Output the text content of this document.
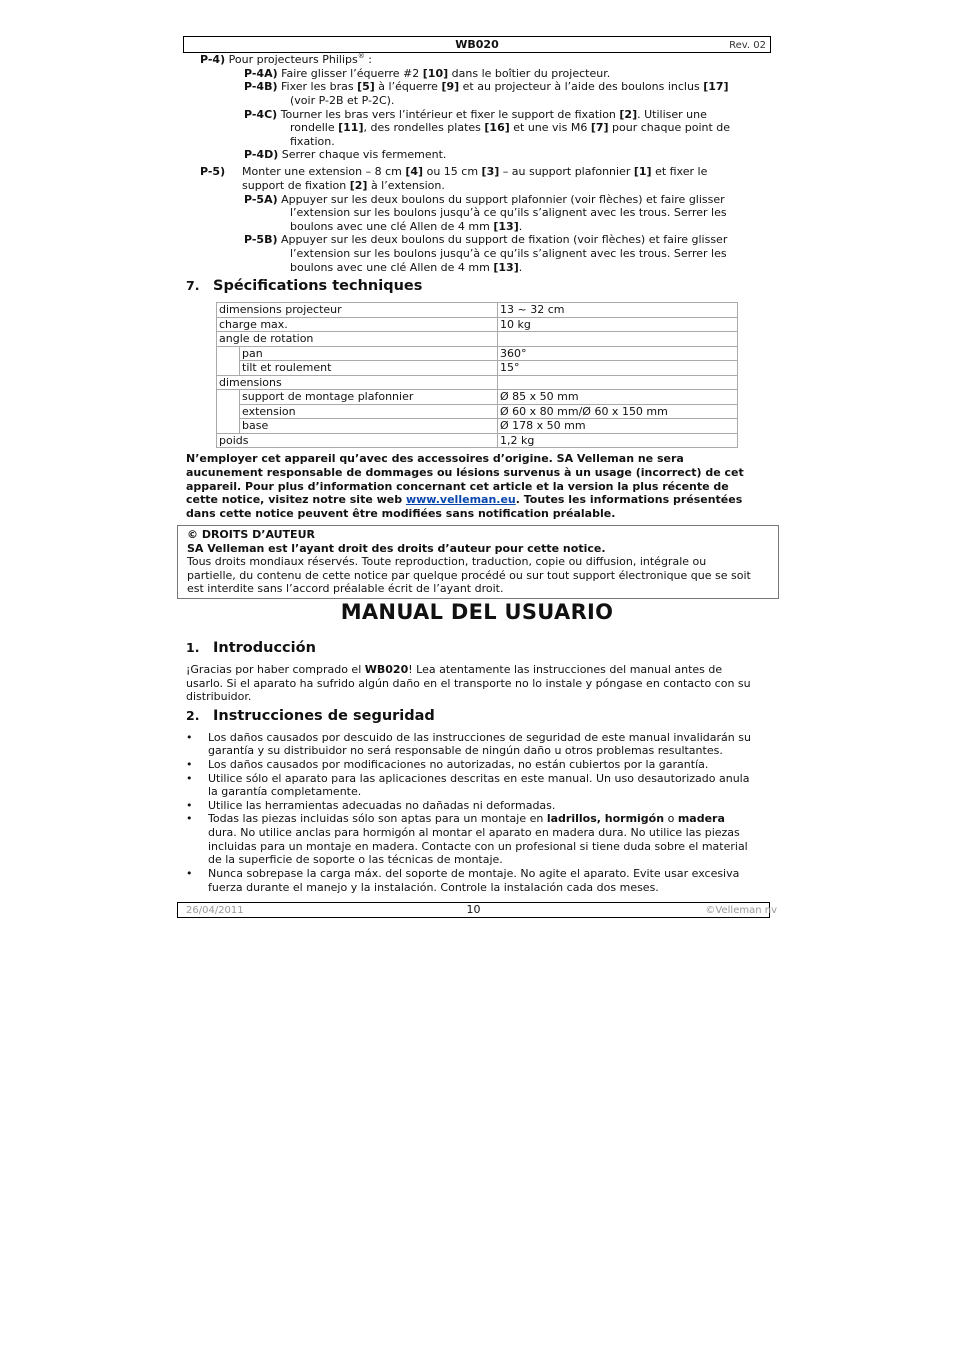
WB020	Rev. 02
P-4) Pour projecteurs Philips® :
P-4A) Faire glisser l’équerre #2 [10] dans le boîtier du projecteur.
P-4B) Fixer les bras [5] à l’équerre [9] et au projecteur à l’aide des boulons inclus [17]
(voir P-2B et P-2C).
P-4C) Tourner les bras vers l’intérieur et fixer le support de fixation [2]. Utiliser une
rondelle [11], des rondelles plates [16] et une vis M6 [7] pour chaque point de
fixation.
P-4D) Serrer chaque vis fermement.
P-5) Monter une extension – 8 cm [4] ou 15 cm [3] – au support plafonnier [1] et fixer le
support de fixation [2] à l’extension.
P-5A) Appuyer sur les deux boulons du support plafonnier (voir flèches) et faire glisser
l’extension sur les boulons jusqu’à ce qu’ils s’alignent avec les trous. Serrer les
boulons avec une clé Allen de 4 mm [13].
P-5B) Appuyer sur les deux boulons du support de fixation (voir flèches) et faire glisser
l’extension sur les boulons jusqu’à ce qu’ils s’alignent avec les trous. Serrer les
boulons avec une clé Allen de 4 mm [13].
7. Spécifications techniques
dimensions projecteur		13 ~ 32 cm
charge max.		10 kg
angle de rotation		
	pan	360°
	tilt et roulement	15°
dimensions		
	support de montage plafonnier	Ø 85 x 50 mm
	extension	Ø 60 x 80 mm/Ø 60 x 150 mm
	base	Ø 178 x 50 mm
poids		1,2 kg
N’employer cet appareil qu’avec des accessoires d’origine. SA Velleman ne sera
aucunement responsable de dommages ou lésions survenus à un usage (incorrect) de cet
appareil. Pour plus d’information concernant cet article et la version la plus récente de
cette notice, visitez notre site web www.velleman.eu. Toutes les informations présentées
dans cette notice peuvent être modifiées sans notification préalable.
© DROITS D’AUTEUR
SA Velleman est l’ayant droit des droits d’auteur pour cette notice.
Tous droits mondiaux réservés. Toute reproduction, traduction, copie ou diffusion, intégrale ou
partielle, du contenu de cette notice par quelque procédé ou sur tout support électronique que se soit
est interdite sans l’accord préalable écrit de l’ayant droit.
MANUAL DEL USUARIO
1. Introducción
¡Gracias por haber comprado el WB020! Lea atentamente las instrucciones del manual antes de
usarlo. Si el aparato ha sufrido algún daño en el transporte no lo instale y póngase en contacto con su
distribuidor.
2. Instrucciones de seguridad
• Los daños causados por descuido de las instrucciones de seguridad de este manual invalidarán su
garantía y su distribuidor no será responsable de ningún daño u otros problemas resultantes.
• Los daños causados por modificaciones no autorizadas, no están cubiertos por la garantía.
• Utilice sólo el aparato para las aplicaciones descritas en este manual. Un uso desautorizado anula
la garantía completamente.
• Utilice las herramientas adecuadas no dañadas ni deformadas.
• Todas las piezas incluidas sólo son aptas para un montaje en ladrillos, hormigón o madera
dura. No utilice anclas para hormigón al montar el aparato en madera dura. No utilice las piezas
incluidas para un montaje en madera. Contacte con un profesional si tiene duda sobre el material
de la superficie de soporte o las técnicas de montaje.
• Nunca sobrepase la carga máx. del soporte de montaje. No agite el aparato. Evite usar excesiva
fuerza durante el manejo y la instalación. Controle la instalación cada dos meses.
26/04/2011	10	©Velleman nv
